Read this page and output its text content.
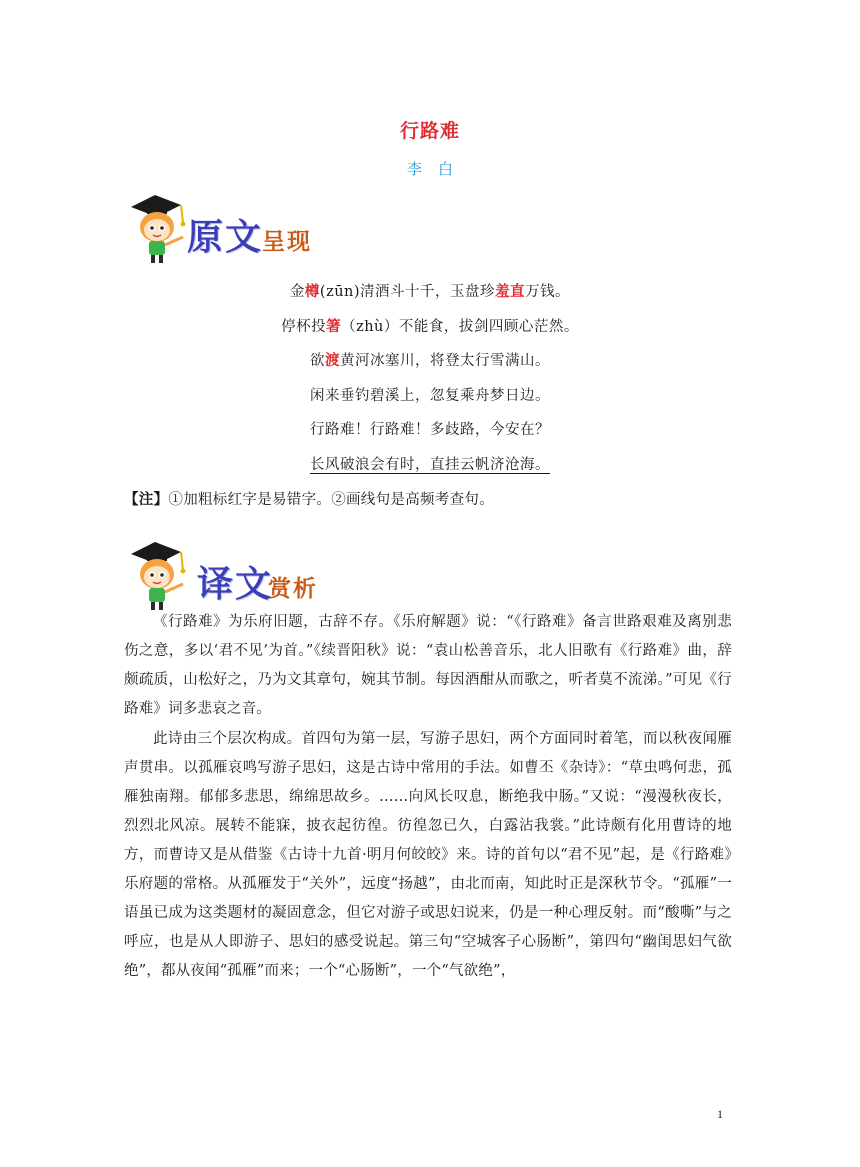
行路难
李白
原文
呈现
金樽(zūn)清酒斗十千，玉盘珍羞直万钱。
停杯投箸（zhù）不能食，拔剑四顾心茫然。
欲渡黄河冰塞川，将登太行雪满山。
闲来垂钓碧溪上，忽复乘舟梦日边。
行路难！行路难！多歧路，今安在？
长风破浪会有时，直挂云帆济沧海。
【注】①加粗标红字是易错字。②画线句是高频考查句。
译文
赏析

《行路难》为乐府旧题，古辞不存。《乐府解题》说：“《行路难》备言世路艰难及离别悲伤之意，多以‘君不见’为首。”《续晋阳秋》说：“袁山松善音乐，北人旧歌有《行路难》曲，辞颇疏质，山松好之，乃为文其章句，婉其节制。每因酒酣从而歌之，听者莫不流涕。”可见《行路难》词多悲哀之音。

此诗由三个层次构成。首四句为第一层，写游子思妇，两个方面同时着笔，而以秋夜闻雁声贯串。以孤雁哀鸣写游子思妇，这是古诗中常用的手法。如曹丕《杂诗》：“草虫鸣何悲，孤雁独南翔。郁郁多悲思，绵绵思故乡。……向风长叹息，断绝我中肠。”又说：“漫漫秋夜长，烈烈北风凉。展转不能寐，披衣起彷徨。彷徨忽已久，白露沾我裳。”此诗颇有化用曹诗的地方，而曹诗又是从借鉴《古诗十九首·明月何皎皎》来。诗的首句以“君不见”起，是《行路难》乐府题的常格。从孤雁发于“关外”，远度“扬越”，由北而南，知此时正是深秋节令。“孤雁”一语虽已成为这类题材的凝固意念，但它对游子或思妇说来，仍是一种心理反射。而“酸嘶”与之呼应，也是从人即游子、思妇的感受说起。第三句“空城客子心肠断”，第四句“幽闺思妇气欲绝”，都从夜闻“孤雁”而来；一个“心肠断”，一个“气欲绝”，

1
